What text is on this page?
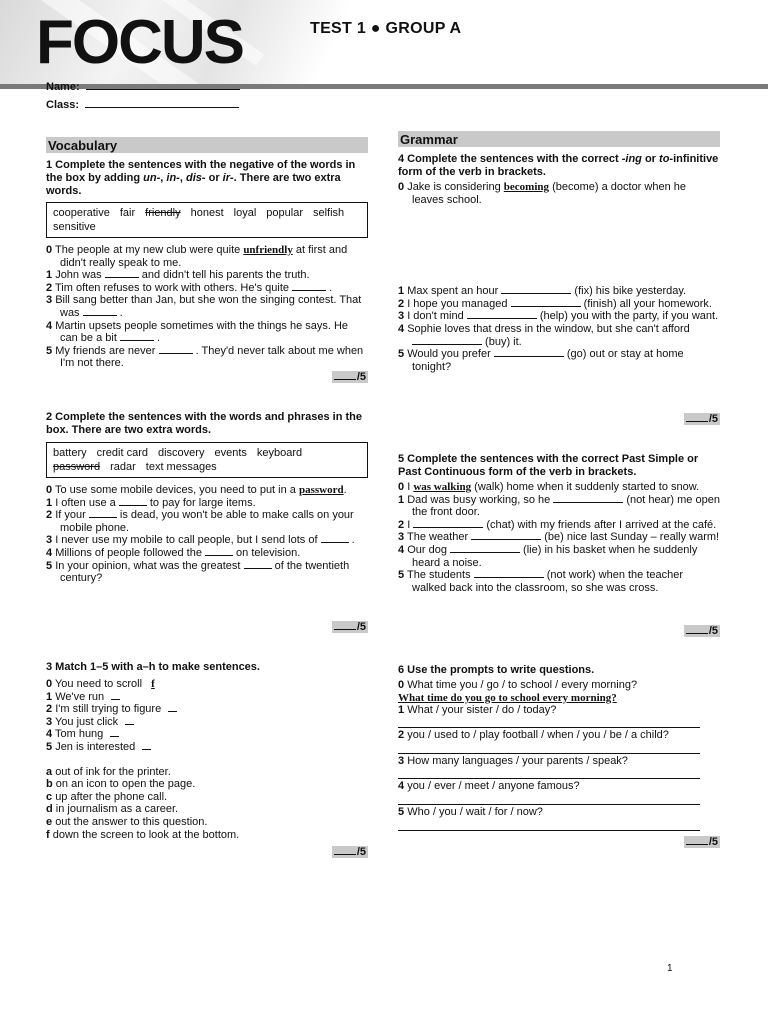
FOCUS	TEST 1 ● GROUP A
Name:
Class:
Vocabulary
1 Complete the sentences with the negative of the words in the box by adding un-, in-, dis- or ir-. There are two extra words.
cooperative fair friendly honest loyal popular selfishsensitive
0 The people at my new club were quite unfriendly at first and didn't really speak to me.
1 John was	and didn't tell his parents the truth.
2 Tim often refuses to work with others. He's quite	.
3 Bill sang better than Jan, but she won the singing contest. That was	.
4 Martin upsets people sometimes with the things he says. He can be a bit	.
5 My friends are never	. They'd never talk about me when I'm not there.
/5
2 Complete the sentences with the words and phrases in the box. There are two extra words.
battery credit card discovery events keyboardpassword radar text messages
0 To use some mobile devices, you need to put in a password.
1 I often use a	to pay for large items.
2 If your	is dead, you won't be able to make calls on your mobile phone.
3 I never use my mobile to call people, but I send lots of	.
4 Millions of people followed the	on television.
5 In your opinion, what was the greatest	of the twentieth century?
/5
3 Match 1–5 with a–h to make sentences.
0 You need to scroll f
1 We've run
2 I'm still trying to figure
3 You just click
4 Tom hung
5 Jen is interested
a out of ink for the printer.
b on an icon to open the page.
c up after the phone call.
d in journalism as a career.
e out the answer to this question.
f down the screen to look at the bottom.
/5
Grammar
4 Complete the sentences with the correct -ing or to-infinitive form of the verb in brackets.
0 Jake is considering becoming (become) a doctor when he leaves school.
1 Max spent an hour	(fix) his bike yesterday.
2 I hope you managed	(finish) all your homework.
3 I don't mind	(help) you with the party, if you want.
4 Sophie loves that dress in the window, but she can't afford  (buy) it.
5 Would you prefer	(go) out or stay at home tonight?
/5
5 Complete the sentences with the correct Past Simple or Past Continuous form of the verb in brackets.
0 I was walking (walk) home when it suddenly started to snow.
1 Dad was busy working, so he	(not hear) me open the front door.
2 I	(chat) with my friends after I arrived at the café.
3 The weather	(be) nice last Sunday – really warm!
4 Our dog	(lie) in his basket when he suddenly heard a noise.
5 The students	(not work) when the teacher walked back into the classroom, so she was cross.
/5
6 Use the prompts to write questions.
0 What time you / go / to school / every morning?
What time do you go to school every morning?
1 What / your sister / do / today?
2 you / used to / play football / when / you / be / a child?
3 How many languages / your parents / speak?
4 you / ever / meet / anyone famous?
5 Who / you / wait / for / now?
/5
1
